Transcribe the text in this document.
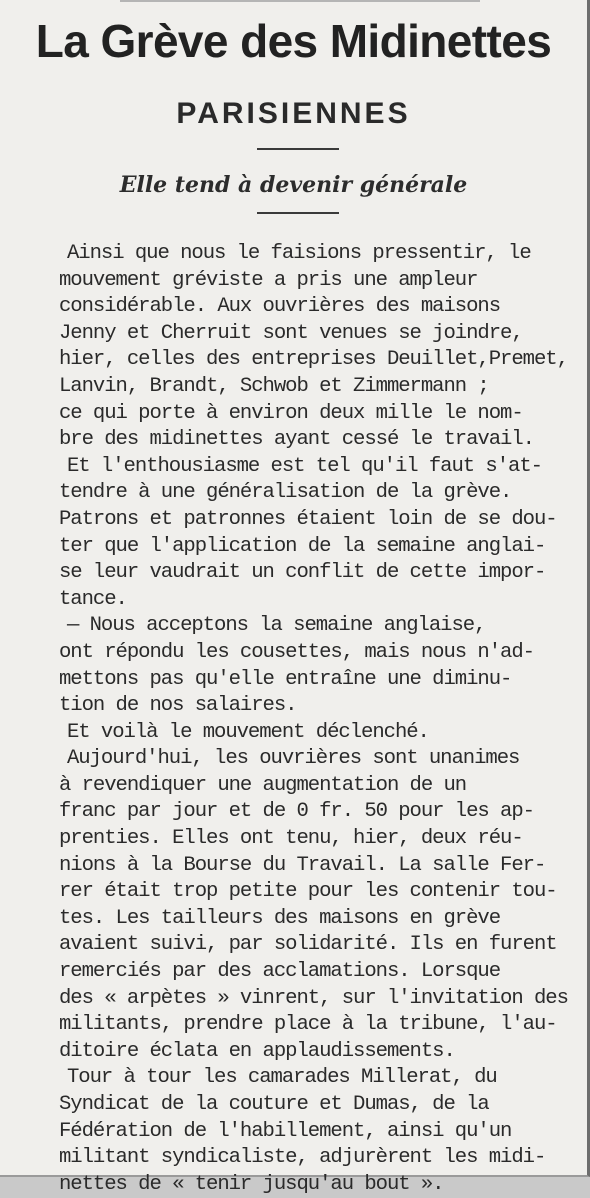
La Grève des Midinettes
PARISIENNES
Elle tend à devenir générale
Ainsi que nous le faisions pressentir, le
mouvement gréviste a pris une ampleur
considérable. Aux ouvrières des maisons
Jenny et Cherruit sont venues se joindre,
hier, celles des entreprises Deuillet,Premet,
Lanvin, Brandt, Schwob et Zimmermann ;
ce qui porte à environ deux mille le nom-
bre des midinettes ayant cessé le travail.
Et l'enthousiasme est tel qu'il faut s'at-
tendre à une généralisation de la grève.
Patrons et patronnes étaient loin de se dou-
ter que l'application de la semaine anglai-
se leur vaudrait un conflit de cette impor-
tance.
— Nous acceptons la semaine anglaise,
ont répondu les cousettes, mais nous n'ad-
mettons pas qu'elle entraîne une diminu-
tion de nos salaires.
Et voilà le mouvement déclenché.
Aujourd'hui, les ouvrières sont unanimes
à revendiquer une augmentation de un
franc par jour et de 0 fr. 50 pour les ap-
prenties. Elles ont tenu, hier, deux réu-
nions à la Bourse du Travail. La salle Fer-
rer était trop petite pour les contenir tou-
tes. Les tailleurs des maisons en grève
avaient suivi, par solidarité. Ils en furent
remerciés par des acclamations. Lorsque
des « arpètes » vinrent, sur l'invitation des
militants, prendre place à la tribune, l'au-
ditoire éclata en applaudissements.
Tour à tour les camarades Millerat, du
Syndicat de la couture et Dumas, de la
Fédération de l'habillement, ainsi qu'un
militant syndicaliste, adjurèrent les midi-
nettes de « tenir jusqu'au bout ».
